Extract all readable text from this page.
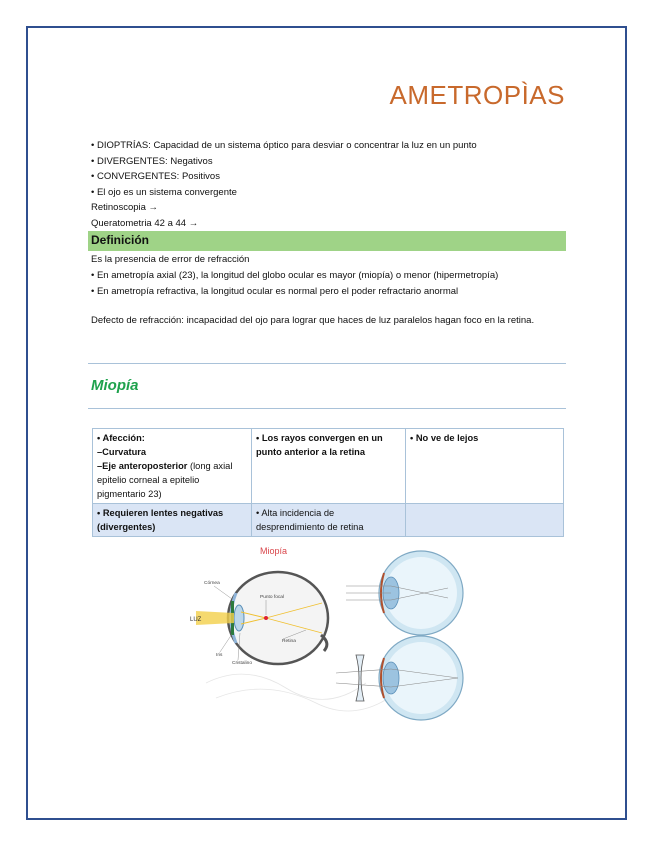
AMETROPÌAS
• DIOPTRÍAS: Capacidad de un sistema óptico para desviar o concentrar la luz en un punto
• DIVERGENTES: Negativos
• CONVERGENTES: Positivos
• El ojo es un sistema convergente
Retinoscopia →
Queratometria 42 a 44 →
Definición
Es la presencia de error de refracción
• En ametropía axial (23), la longitud del globo ocular es mayor (miopía) o menor (hipermetropía)
• En ametropía refractiva, la longitud ocular es normal pero el poder refractario anormal
Defecto de refracción: incapacidad del ojo para lograr que haces de luz paralelos hagan foco en la retina.
Miopía
• Afección:
–Curvatura
–Eje anteroposterior (long axial epitelio corneal a epitelio pigmentario 23)	• Los rayos convergen en un punto anterior a la retina	• No ve de lejos
• Requieren lentes negativas (divergentes)	• Alta incidencia de desprendimiento de retina	
Miopía
Córnea
Punto focal
LUZ
Retina
Iris
Cristalino
